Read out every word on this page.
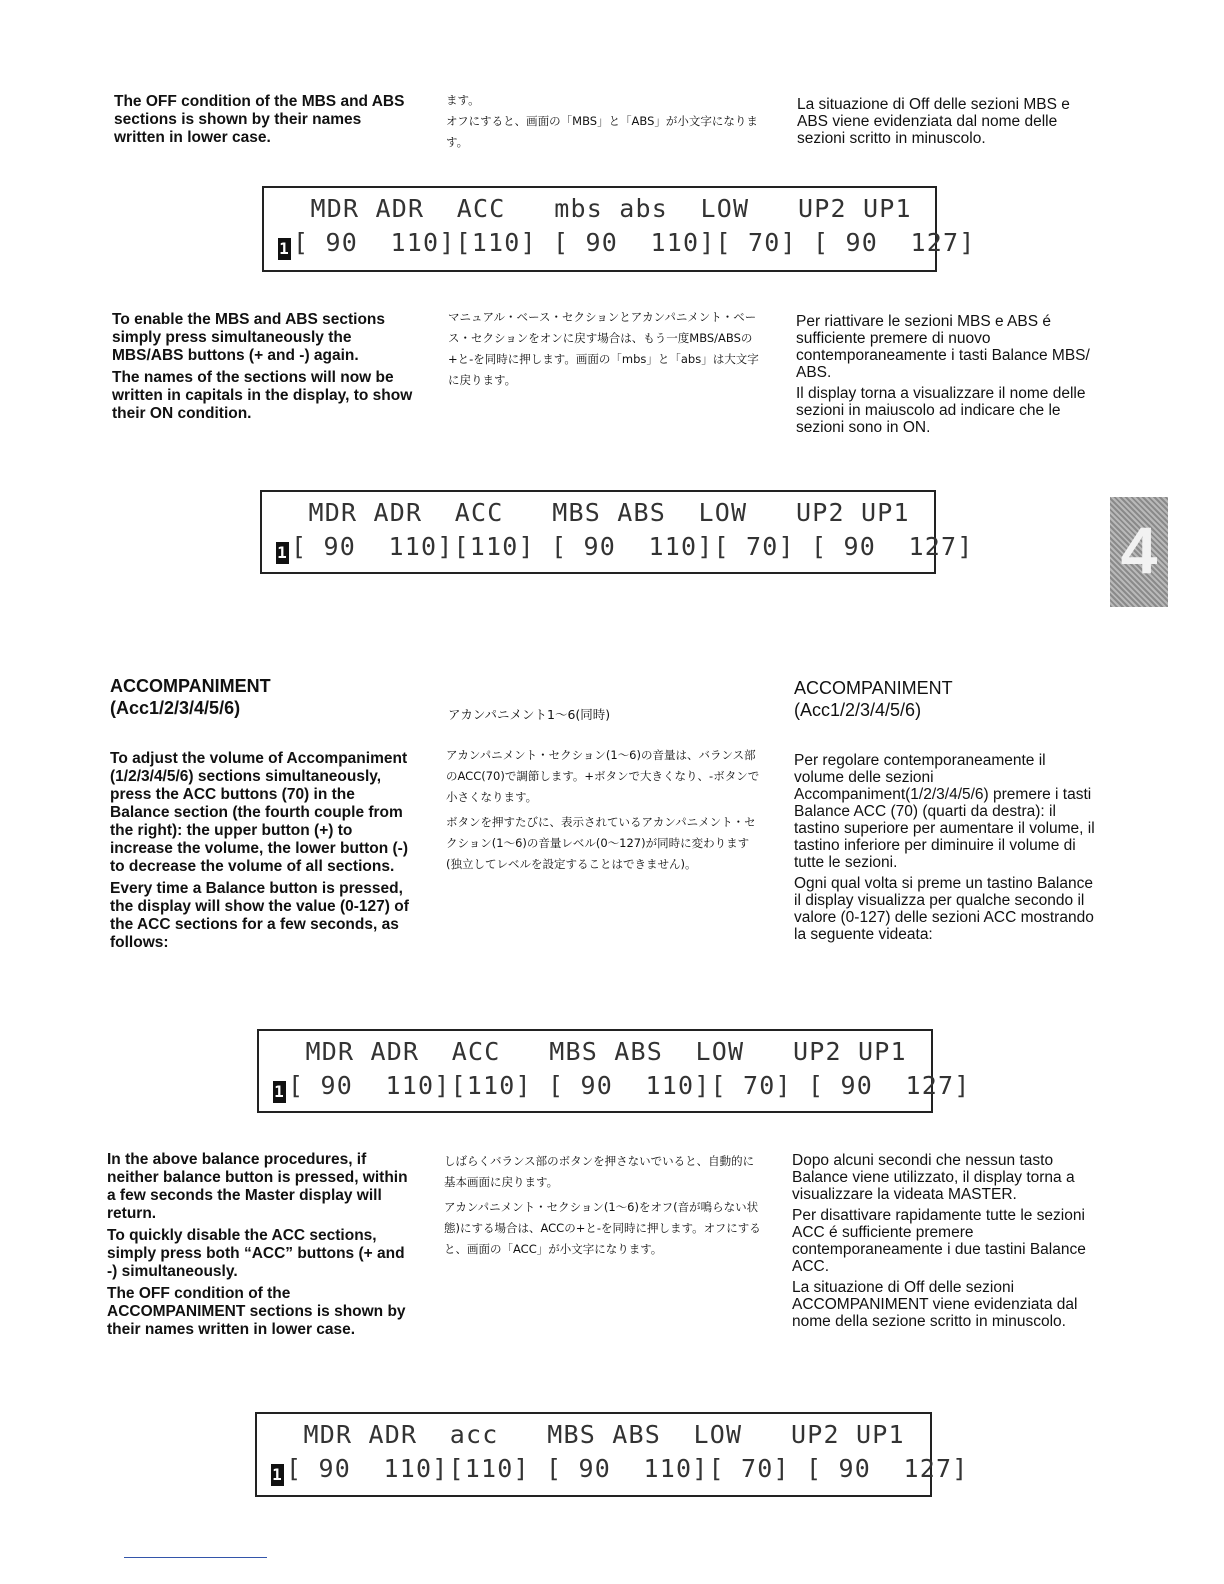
The OFF condition of the MBS and ABS sections is shown by their names written in lower case.

ます。

オフにすると、画面の「MBS」と「ABS」が小文字になります。

La situazione di Off delle sezioni MBS e ABS viene evidenziata dal nome delle sezioni scritto in minuscolo.

MDR ADR  ACC   mbs abs  LOW   UP2 UP1
1 [ 90  110][110] [ 90  110][ 70] [ 90  127]

To enable the MBS and ABS sections simply press simultaneously the MBS/ABS buttons (+ and -) again.

The names of the sections will now be written in capitals in the display, to show their ON condition.

マニュアル・ベース・セクションとアカンパニメント・ベース・セクションをオンに戻す場合は、もう一度MBS/ABSの+と-を同時に押します。画面の「mbs」と「abs」は大文字に戻ります。

Per riattivare le sezioni MBS e ABS é sufficiente premere di nuovo contemporaneamente i tasti Balance MBS/ ABS.

Il display torna a visualizzare il nome delle sezioni in maiuscolo ad indicare che le sezioni sono in ON.

MDR ADR  ACC   MBS ABS  LOW   UP2 UP1
1 [ 90  110][110] [ 90  110][ 70] [ 90  127] 4
ACCOMPANIMENT
(Acc1/2/3/4/5/6)	アカンパニメント1〜6(同時)
ACCOMPANIMENT
(Acc1/2/3/4/5/6)

To adjust the volume of Accompaniment (1/2/3/4/5/6) sections simultaneously, press the ACC buttons (70) in the Balance section (the fourth couple from the right): the upper button (+) to increase the volume, the lower button (-) to decrease the volume of all sections.

Every time a Balance button is pressed, the display will show the value (0-127) of the ACC sections for a few seconds, as follows:

アカンパニメント・セクション(1〜6)の音量は、バランス部のACC(70)で調節します。+ボタンで大きくなり、-ボタンで小さくなります。

ボタンを押すたびに、表示されているアカンパニメント・セクション(1〜6)の音量レベル(0〜127)が同時に変わります(独立してレベルを設定することはできません)。

Per regolare contemporaneamente il volume delle sezioni Accompaniment(1/2/3/4/5/6) premere i tasti Balance ACC (70) (quarti da destra): il tastino superiore per aumentare il volume, il tastino inferiore per diminuire il volume di tutte le sezioni.

Ogni qual volta si preme un tastino Balance il display visualizza per qualche secondo il valore (0-127) delle sezioni ACC mostrando la seguente videata:

MDR ADR  ACC   MBS ABS  LOW   UP2 UP1
1 [ 90  110][110] [ 90  110][ 70] [ 90  127]

In the above balance procedures, if neither balance button is pressed, within a few seconds the Master display will return.

To quickly disable the ACC sections, simply press both “ACC” buttons (+ and -) simultaneously.

The OFF condition of the ACCOMPANIMENT sections is shown by their names written in lower case.

しばらくバランス部のボタンを押さないでいると、自動的に基本画面に戻ります。

アカンパニメント・セクション(1〜6)をオフ(音が鳴らない状態)にする場合は、ACCの+と-を同時に押します。オフにすると、画面の「ACC」が小文字になります。

Dopo alcuni secondi che nessun tasto Balance viene utilizzato, il display torna a visualizzare la videata MASTER.

Per disattivare rapidamente tutte le sezioni ACC é sufficiente premere contemporaneamente i due tastini Balance ACC.

La situazione di Off delle sezioni ACCOMPANIMENT viene evidenziata dal nome della sezione scritto in minuscolo.

MDR ADR  acc   MBS ABS  LOW   UP2 UP1
1 [ 90  110][110] [ 90  110][ 70] [ 90  127]
